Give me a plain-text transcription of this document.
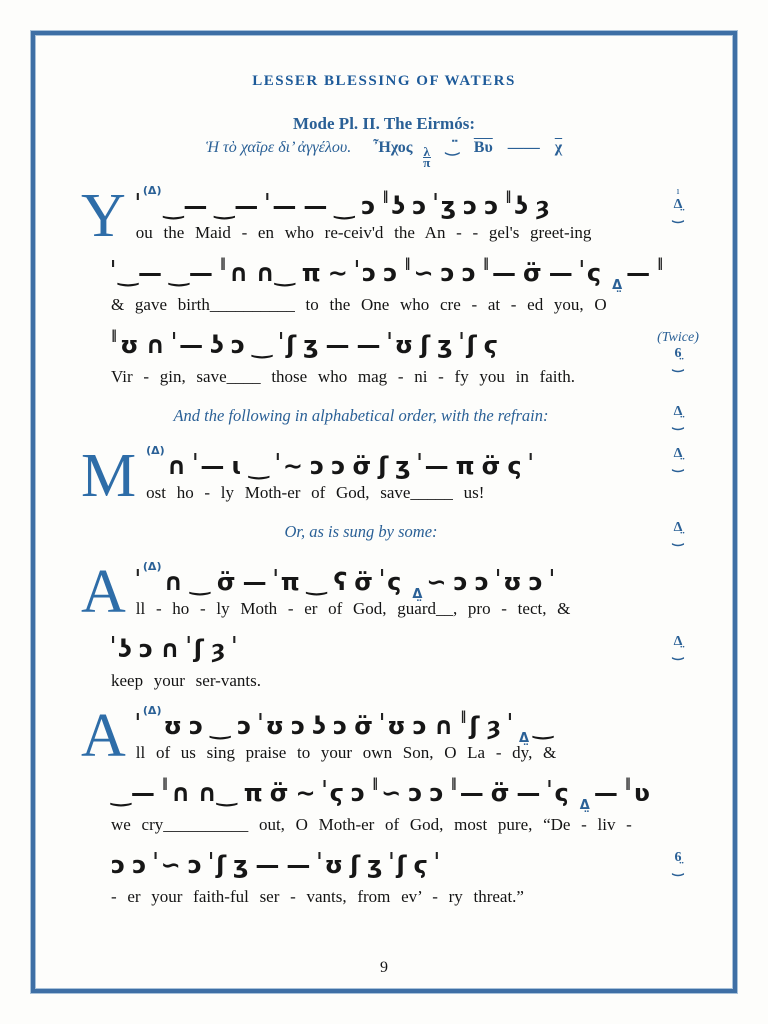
LESSER BLESSING OF WATERS
Mode Pl. II. The Eirmós:
Ἡ τὸ χαῖρε δι’ ἀγγέλου. Ἦχος $\frac{\lambda}{\pi}$ ‿̈ $\overline{B\upsilon}$ —— $\overline{\chi}$
Y ı (Δ)‿— ‿— ı — — ‿ ɔ ‖ ʖ ɔ ı ʒ ɔ ɔ ‖ ʖ ȝ
ou the Maid - en who re-ceiv'd the An - - gel's greet-ing
ı
Δ̤
‿
ı ‿— ‿— ‖ ∩ ∩‿ π ∼ ı ɔ ɔ ‖ ∽ ɔ ɔ ‖ — σ̈ — ı ς Δ̤ — ‖
& gave birth__________ to the One who cre - at - ed you, O
‖ ʊ ∩ ı — ʖ ɔ ‿ ı ʃ ʒ — — ı ʊ ʃ ʒ ı ʃ ϛ
Vir - gin, save____ those who mag - ni - fy you in faith.
(Twice)
6̤
‿
And the following in alphabetical order, with the refrain:	Δ̤
‿
M (Δ)∩ ı — ɩ ‿ ı ∼ ɔ ɔ σ̈ ʃ ʒ ı — π σ̈ ς ı
ost ho - ly Moth-er of God, save_____ us!
Δ̤
‿
Or, as is sung by some:	Δ̤
‿
A ı (Δ)∩ ‿ σ̈ — ı π ‿ ʕ σ̈ ı ς Δ̤ ∽ ɔ ɔ ı ʊ ɔ ı
ll - ho - ly Moth - er of God, guard__, pro - tect, &
ı ʖ ɔ ∩ ı ʃ ȝ ı
keep your ser-vants.
Δ̤
‿
A ı (Δ)ʊ ɔ ‿ ɔ ı ʊ ɔ ʖ ɔ σ̈ ı ʊ ɔ ∩ ‖ ʃ ȝ ıΔ̤ ‿
ll of us sing praise to your own Son, O La - dy, &
‿— ‖ ∩ ∩‿ π σ̈ ∼ ı ϛ ɔ ‖ ∽ ɔ ɔ ‖ — σ̈ — ı ς Δ̤ — ‖ ʋ
we cry__________ out, O Moth-er of God, most pure, “De - liv -
ɔ ɔ ı ∽ ɔ ı ʃ ʒ — — ı ʊ ʃ ʒ ı ʃ ϛ ı
- er your faith-ful ser - vants, from ev’ - ry threat.”
6̤
‿
9
